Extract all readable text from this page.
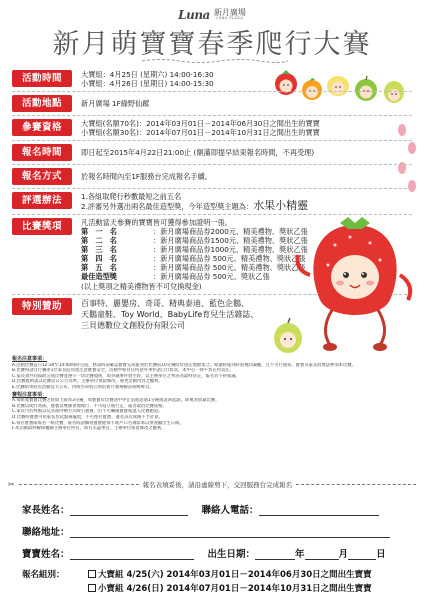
Luna 新月廣場
LUNA PLAZA
新月萌寶寶春季爬行大賽
活動時間	大寶組：4月25日 (星期六) 14:00-16:30
小寶組：4月26日 (星期日) 14:00-15:30
活動地點	新月廣場 1F綠野仙蹤
參賽資格	大寶組(名額70名)：2014年03月01日－2014年06月30日之間出生的寶寶
小寶組(名額30名)：2014年07月01日－2014年10月31日之間出生的寶寶
報名時間	即日起至2015年4月22日21:00止 (額滿即提早結束報名時間，不再受理)
報名方式	於報名時間內至1F服務台完成報名手續。
評選辦法	1.各組取爬行秒數最短之前五名
2.評審另外選出兩名最佳造型獎，今年造型獎主題為：水果小精靈
比賽獎項	凡活動當天參賽的寶寶皆可獲得參加證明一張。
第　一　名	：新月廣場商品券2000元、精美禮物、獎狀乙張
第　二　名	：新月廣場商品券1500元、精美禮物、獎狀乙張
第　三　名	：新月廣場商品券1000元、精美禮物、獎狀乙張
第　四　名	：新月廣場商品券 500元、精美禮物、獎狀乙張
第　五　名	：新月廣場商品券 500元、精美禮物、獎狀乙張
最佳造型獎	：新月廣場商品券 500元、獎狀乙張
(以上獎項之精美禮物皆不可兌換現金)
特別贊助	百事特、麗嬰房、奇哥、精典泰迪、藍色企鵝、
天鵝童鞋、Toy World、BabyLife育兒生活雜誌、
三貝德數位文創股份有限公司
報名注意事項：

A.活動比賽當日12:30至14:00時時完成，務請時前確認寶寶完成報到於比賽前10分鐘時於指定地點集合，如逾時報到時將視同棄權，且不另行通知，寶寶及家長將無法參加本比賽。

B.比賽時請自行攜帶1位家長陪同並注意寶寶安全，活動中如有任何意外事件請自行負責，本中心一律不負任何責任。

C.家長須共同協助完成比賽並遵守一切比賽規則，如爭議事件發生時，以主辦單位之判決為最終決定，報名者不得異議。

D.比賽規則請以比賽當日公告為準，主辦單位保留修改、變更活動內容之權利。

E.比賽結果將於活動當天公布，得獎名單將公佈於新月廣場臉書粉絲專頁。

賽程注意事項：

A.每組爬寶寶比賽之時間上限為3分鐘，如寶寶於比賽途中停止前進超過1分鐘或返回起點，即視為放棄比賽。

B.比賽以爬行為限，寶寶以雙膝著地爬行，不可站立或行走，違者取消比賽資格。

C.家長可於終點以玩具或呼喚方式吸引寶寶，但不可觸碰寶寶或進入比賽跑道。

D.比賽時寶寶可由家長於起點處擺放，不可推拉寶寶，違者該次成績不予計算。

E.每位寶寶限報名一組比賽，報名時請攜帶寶寶健保卡或戶口名簿影本以供查驗出生日期。

F.本活動最終解釋權歸主辦單位所有，如有未盡事宜，主辦單位保留修改之權利。

✂	報名表填妥後，請沿虛線剪下，交回服務台完成報名
家長姓名：	聯絡人電話：
聯絡地址：
寶寶姓名：	出生日期：	年	月	日
報名組別：	大寶組 4/25(六) 2014年03月01日－2014年06月30日之間出生寶寶
小寶組 4/26(日) 2014年07月01日－2014年10月31日之間出生寶寶
